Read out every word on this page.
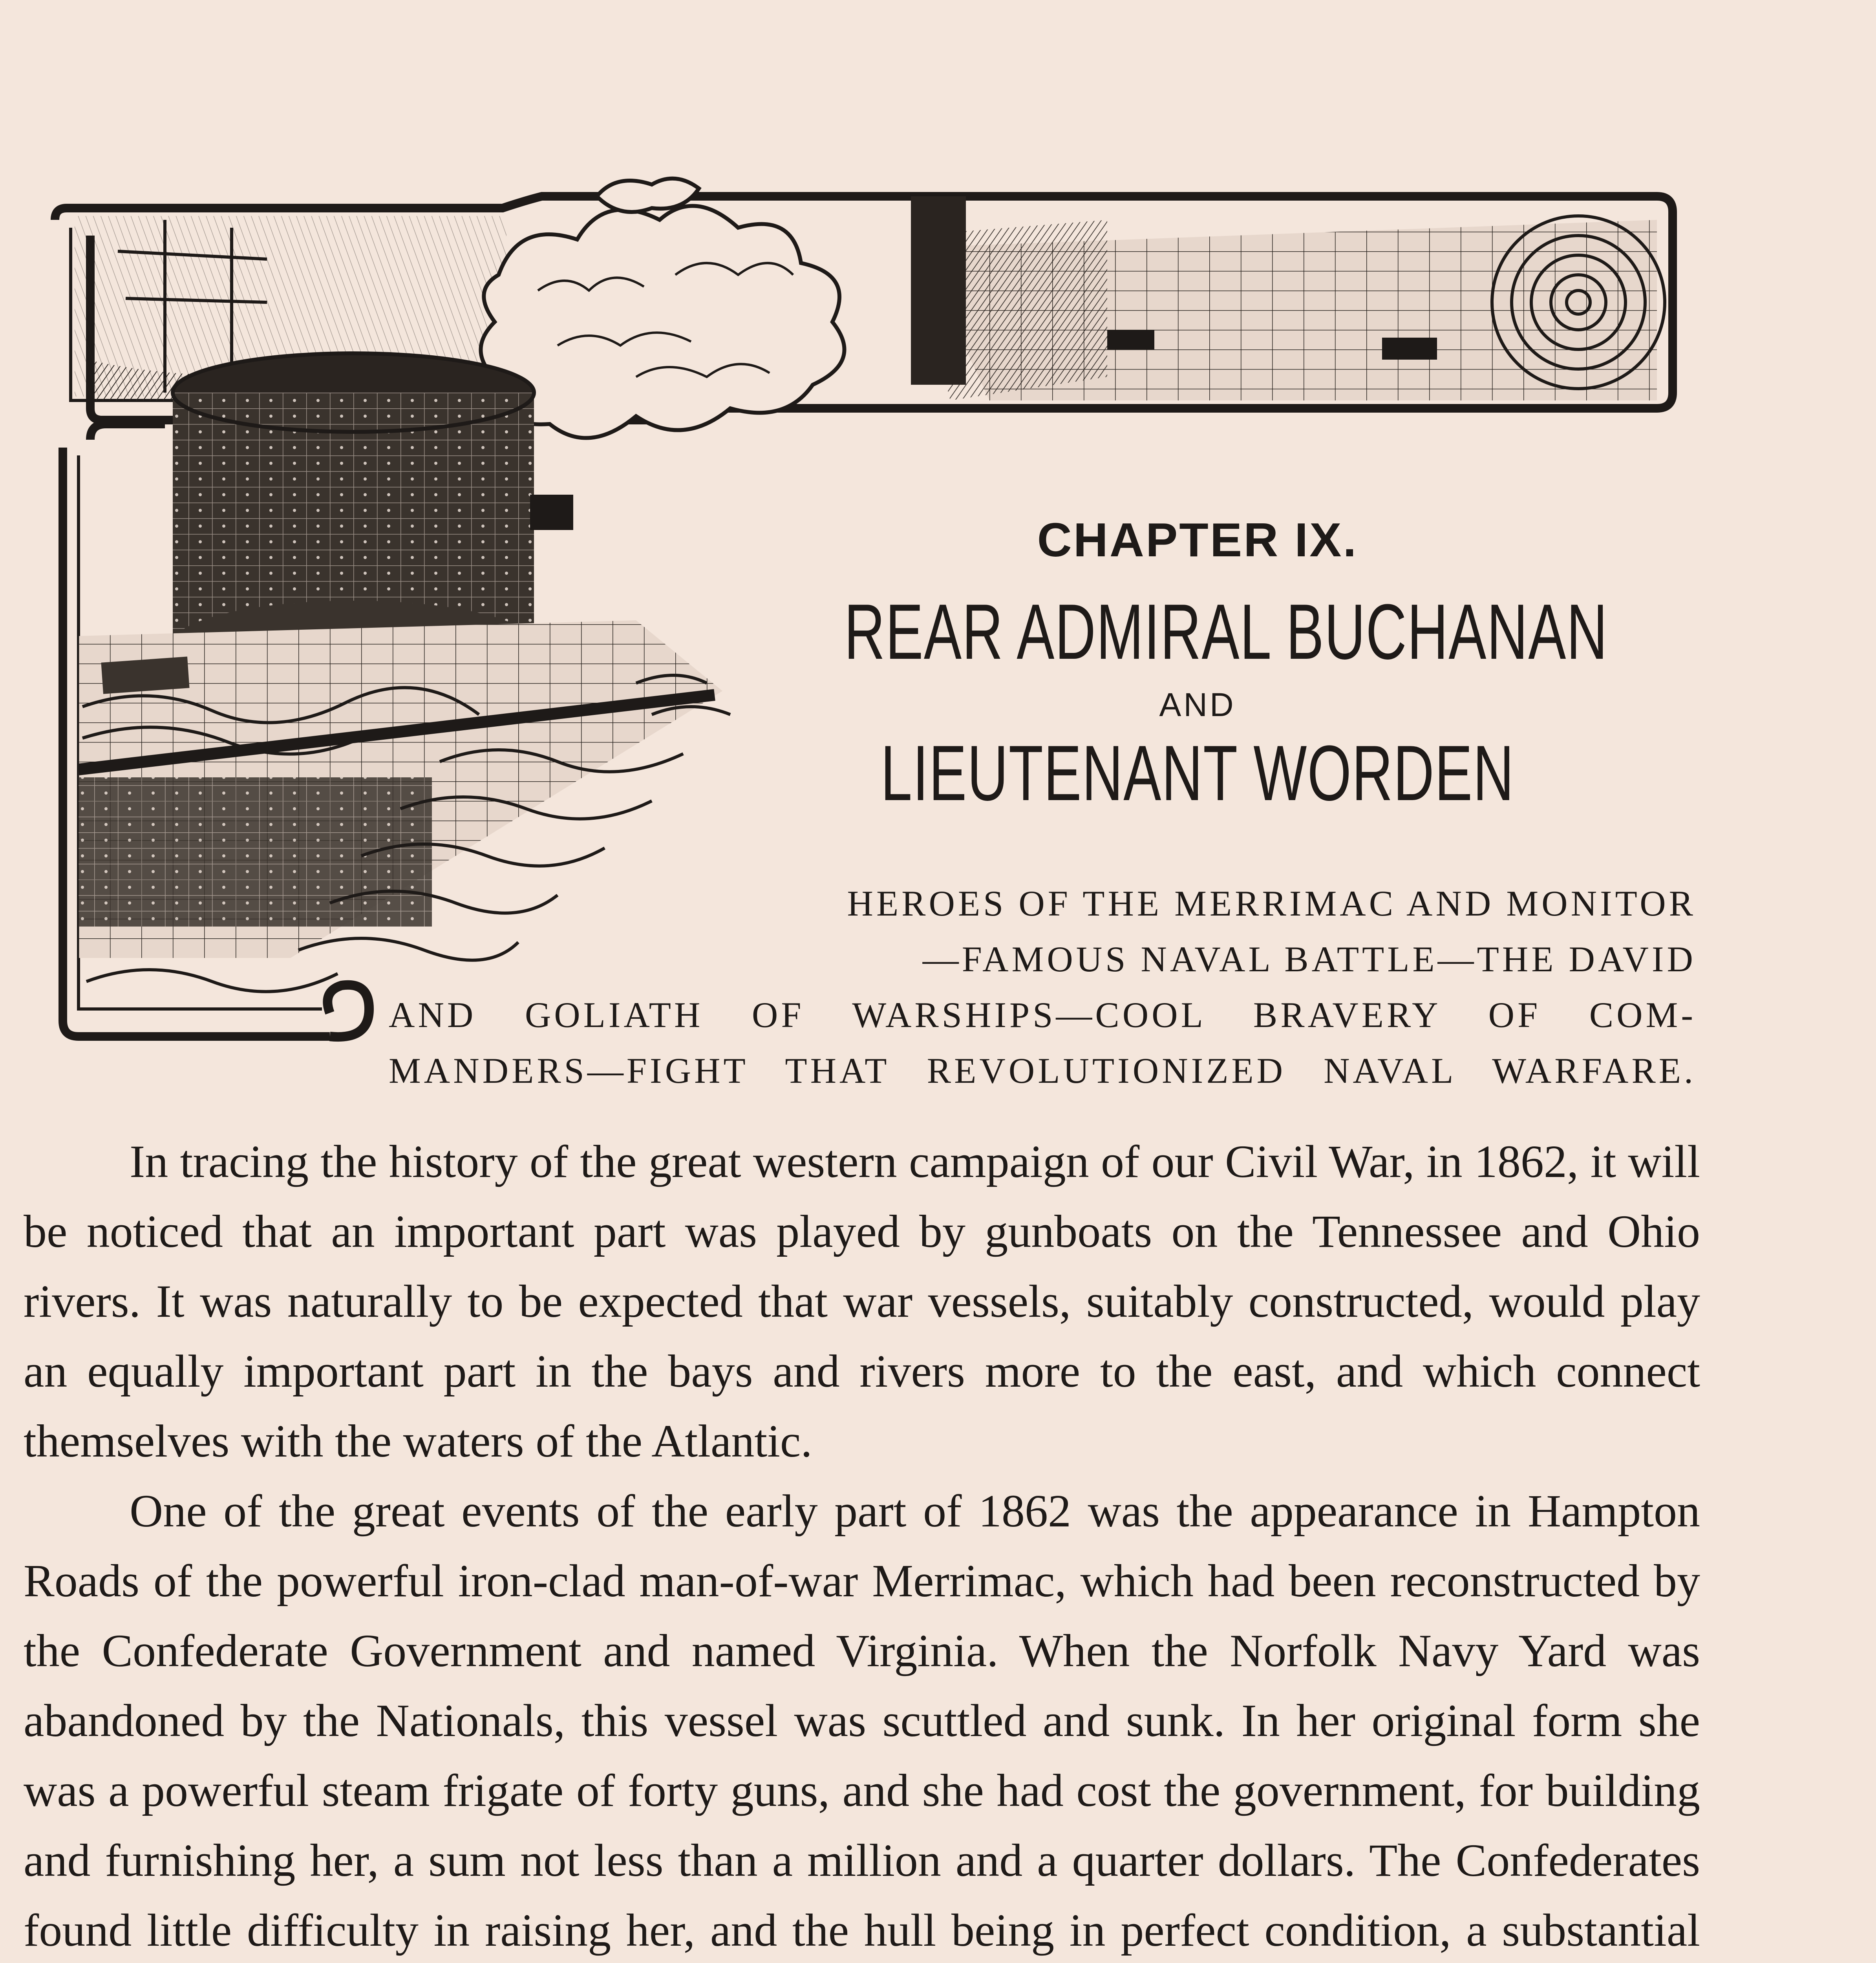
CHAPTER IX.
REAR ADMIRAL BUCHANAN
AND
LIEUTENANT WORDEN
HEROES OF THE MERRIMAC AND MONITOR
—FAMOUS NAVAL BATTLE—THE DAVID
AND GOLIATH OF WARSHIPS—COOL BRAVERY OF COM-
MANDERS—FIGHT THAT REVOLUTIONIZED NAVAL WARFARE.

In tracing the history of the great western campaign of our Civil War, in 1862, it will be noticed that an important part was played by gunboats on the Tennessee and Ohio rivers. It was naturally to be expected that war vessels, suitably constructed, would play an equally important part in the bays and rivers more to the east, and which connect themselves with the waters of the Atlantic.

One of the great events of the early part of 1862 was the appearance in Hampton Roads of the powerful iron-clad man-of-war Merrimac, which had been reconstructed by the Confederate Government and named Virginia. When the Norfolk Navy Yard was abandoned by the Nationals, this vessel was scuttled and sunk. In her original form she was a powerful steam frigate of forty guns, and she had cost the government, for building and furnishing her, a sum not less than a million and a quarter dollars. The Confederates found little difficulty in raising her, and the hull being in perfect condition, a substantial
